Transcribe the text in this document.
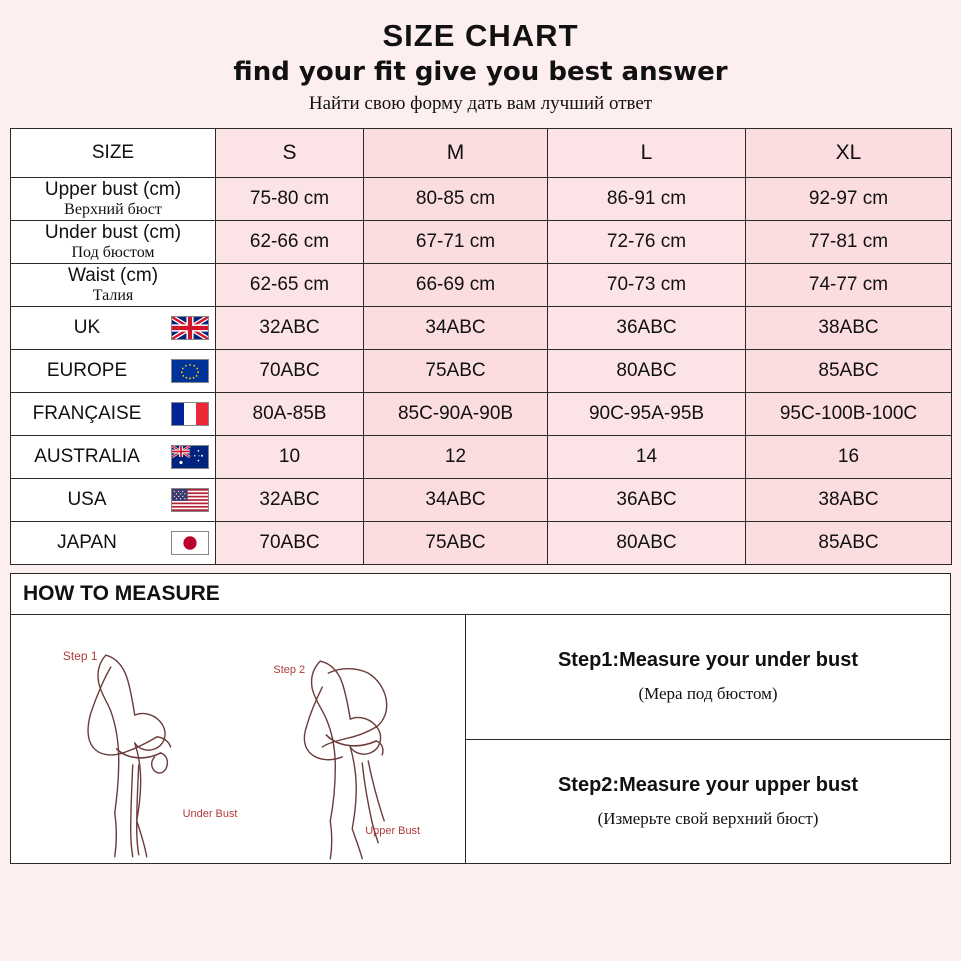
SIZE CHART
find your fit give you best answer
Найти свою форму дать вам лучший ответ
SIZE	S	M	L	XL

Upper bust (cm)
Верхний бюст	75-80 cm	80-85 cm	86-91 cm	92-97 cm

Under bust (cm)
Под бюстом	62-66 cm	67-71 cm	72-76 cm	77-81 cm

Waist (cm)
Талия	62-65 cm	66-69 cm	70-73 cm	74-77 cm

UK	32ABC	34ABC	36ABC	38ABC

EUROPE	70ABC	75ABC	80ABC	85ABC

FRANÇAISE	80A-85B	85C-90A-90B	90C-95A-95B	95C-100B-100C

AUSTRALIA	10	12	14	16

USA	32ABC	34ABC	36ABC	38ABC

JAPAN	70ABC	75ABC	80ABC	85ABC
HOW TO MEASURE
Step 1
Step 2
Under Bust
Upper Bust
Step1:Measure your under bust
(Мера под бюстом)
Step2:Measure your upper bust
(Измерьте свой верхний бюст)
